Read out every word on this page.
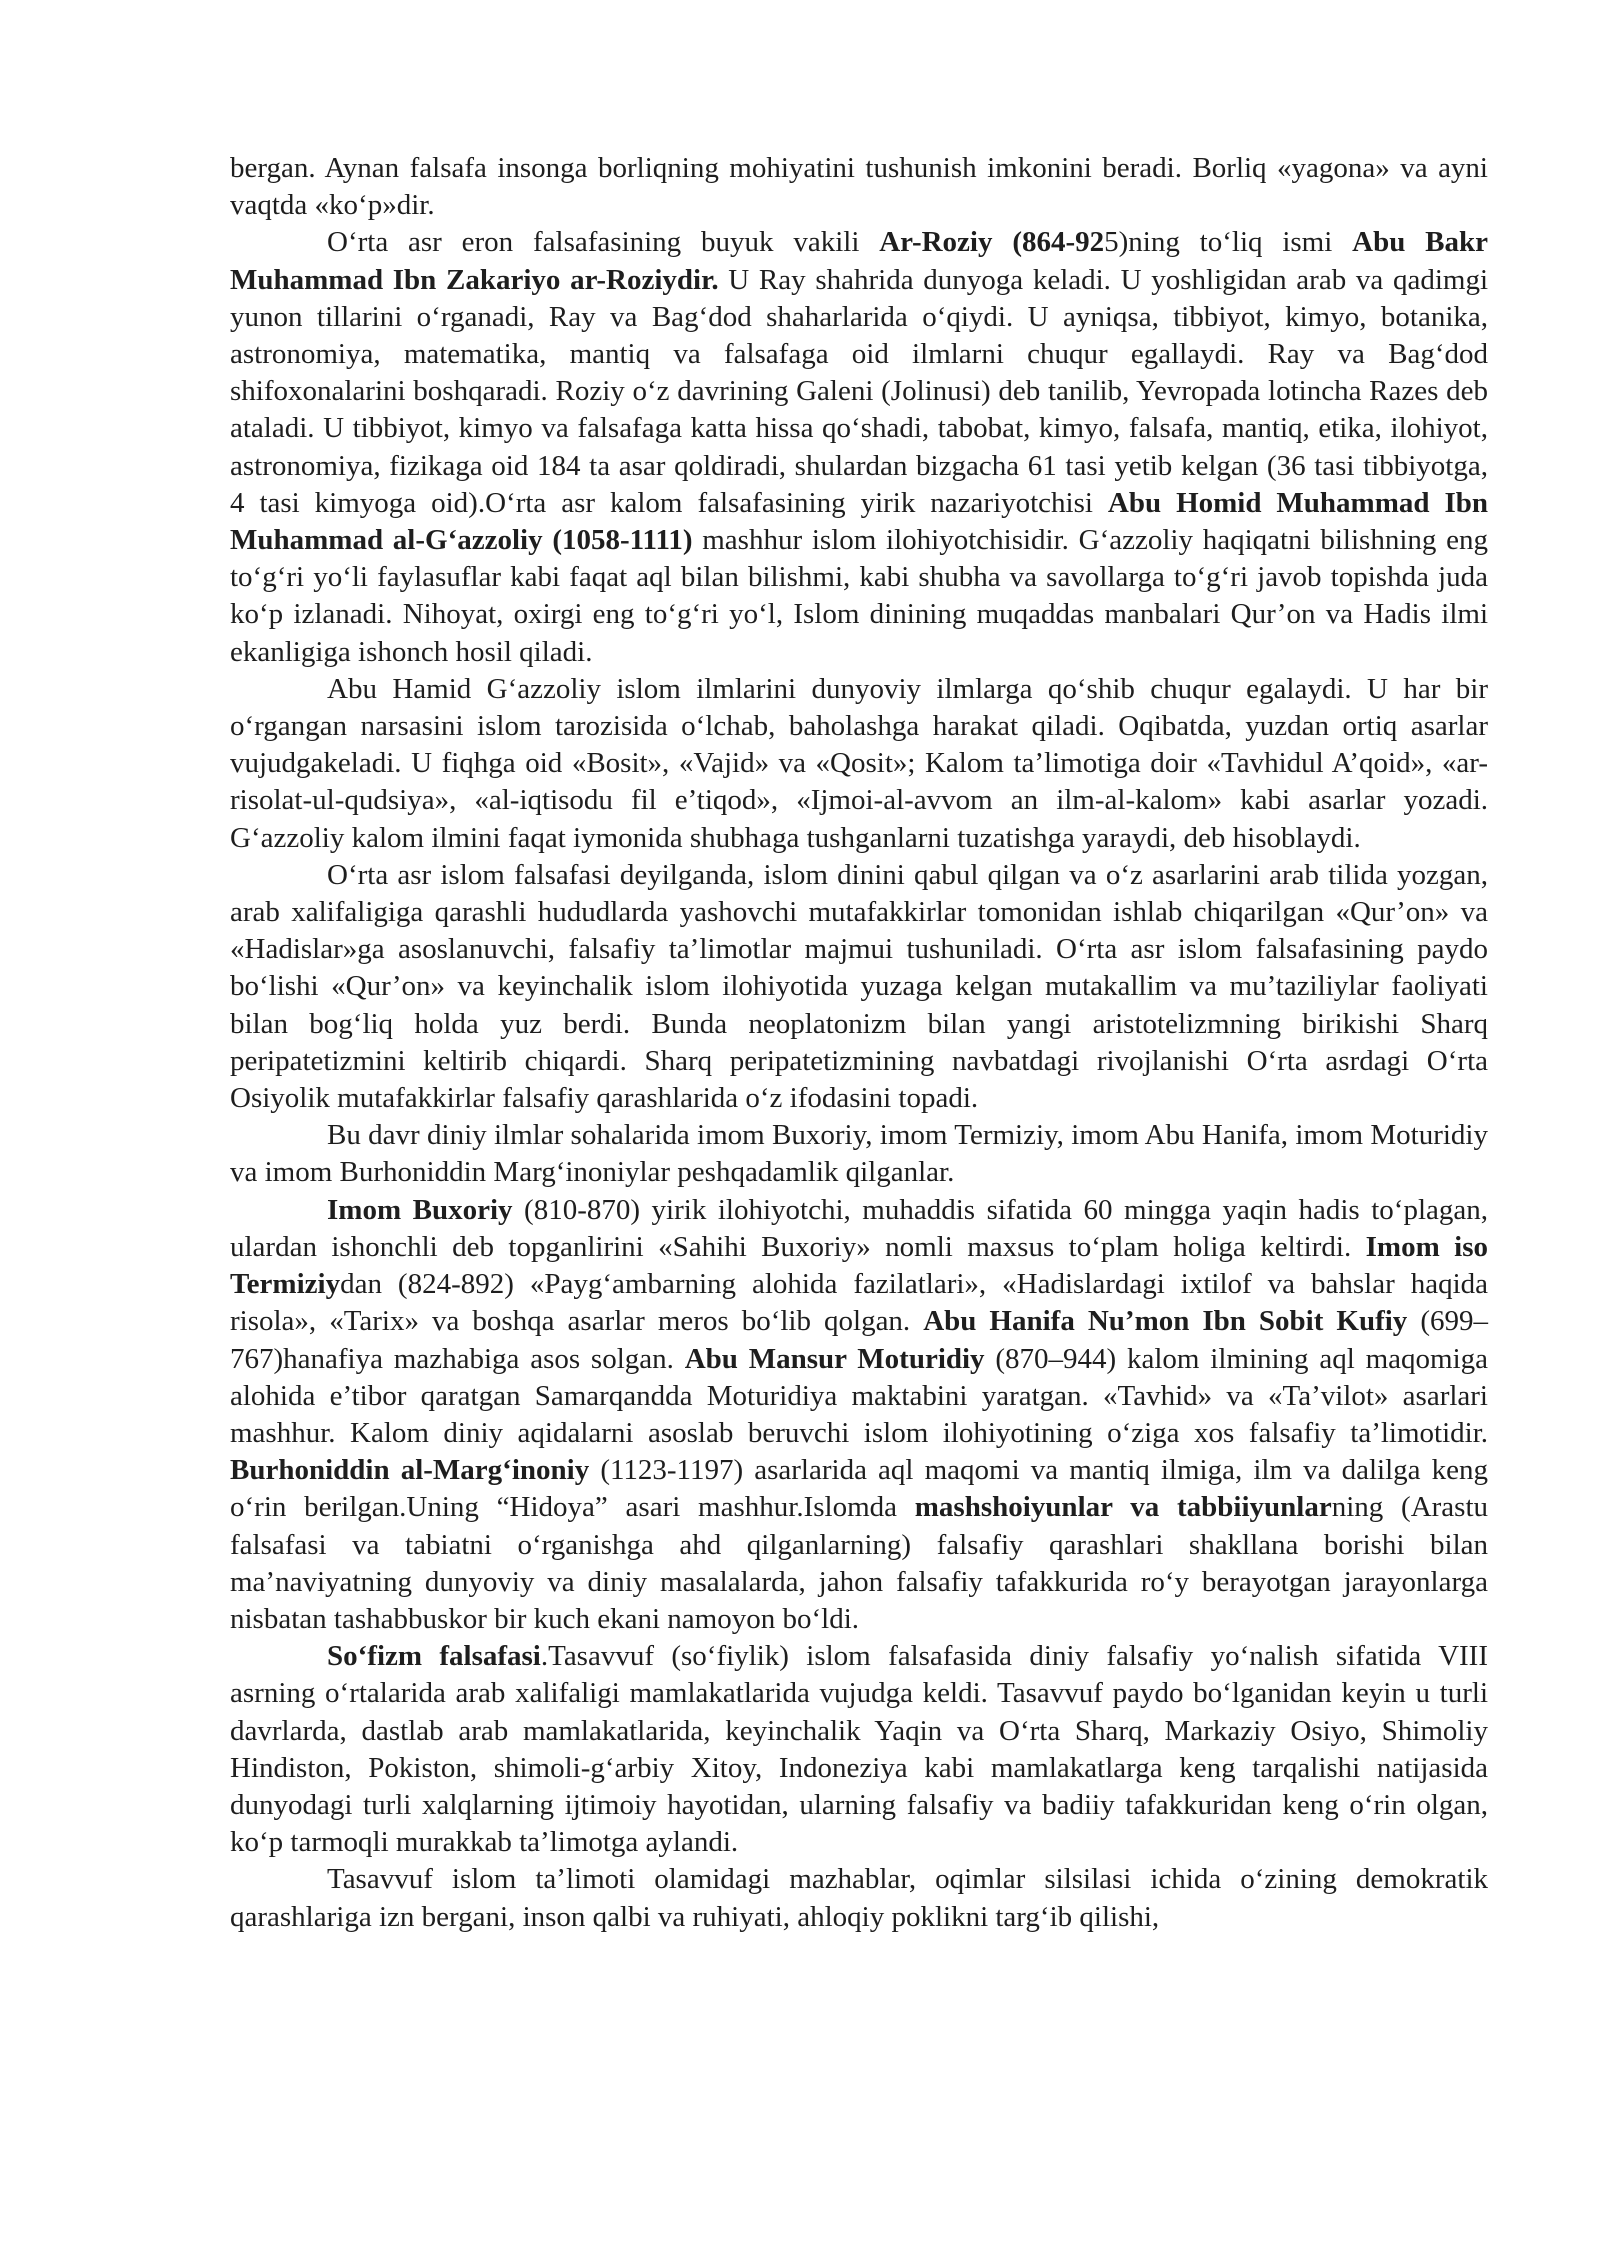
bergan. Aynan falsafa insonga borliqning mohiyatini tushunish imkonini beradi. Borliq «yagona» va ayni vaqtda «ko‘p»dir.

O‘rta asr eron falsafasining buyuk vakili Ar-Roziy (864-925)ning to‘liq ismi Abu Bakr Muhammad Ibn Zakariyo ar-Roziydir. U Ray shahrida dunyoga keladi. U yoshligidan arab va qadimgi yunon tillarini o‘rganadi, Ray va Bag‘dod shaharlarida o‘qiydi. U ayniqsa, tibbiyot, kimyo, botanika, astronomiya, matematika, mantiq va falsafaga oid ilmlarni chuqur egallaydi. Ray va Bag‘dod shifoxonalarini boshqaradi. Roziy o‘z davrining Galeni (Jolinusi) deb tanilib, Yevropada lotincha Razes deb ataladi. U tibbiyot, kimyo va falsafaga katta hissa qo‘shadi, tabobat, kimyo, falsafa, mantiq, etika, ilohiyot, astronomiya, fizikaga oid 184 ta asar qoldiradi, shulardan bizgacha 61 tasi yetib kelgan (36 tasi tibbiyotga, 4 tasi kimyoga oid).O‘rta asr kalom falsafasining yirik nazariyotchisi Abu Homid Muhammad Ibn Muhammad al-G‘azzoliy (1058-1111) mashhur islom ilohiyotchisidir. G‘azzoliy haqiqatni bilishning eng to‘g‘ri yo‘li faylasuflar kabi faqat aql bilan bilishmi, kabi shubha va savollarga to‘g‘ri javob topishda juda ko‘p izlanadi. Nihoyat, oxirgi eng to‘g‘ri yo‘l, Islom dinining muqaddas manbalari Qur’on va Hadis ilmi ekanligiga ishonch hosil qiladi.

Abu Hamid G‘azzoliy islom ilmlarini dunyoviy ilmlarga qo‘shib chuqur egalaydi. U har bir o‘rgangan narsasini islom tarozisida o‘lchab, baholashga harakat qiladi. Oqibatda, yuzdan ortiq asarlar vujudgakeladi. U fiqhga oid «Bosit», «Vajid» va «Qosit»; Kalom ta’limotiga doir «Tavhidul A’qoid», «ar-risolat-ul-qudsiya», «al-iqtisodu fil e’tiqod», «Ijmoi-al-avvom an ilm-al-kalom» kabi asarlar yozadi. G‘azzoliy kalom ilmini faqat iymonida shubhaga tushganlarni tuzatishga yaraydi, deb hisoblaydi.

O‘rta asr islom falsafasi deyilganda, islom dinini qabul qilgan va o‘z asarlarini arab tilida yozgan, arab xalifaligiga qarashli hududlarda yashovchi mutafakkirlar tomonidan ishlab chiqarilgan «Qur’on» va «Hadislar»ga asoslanuvchi, falsafiy ta’limotlar majmui tushuniladi. O‘rta asr islom falsafasining paydo bo‘lishi «Qur’on» va keyinchalik islom ilohiyotida yuzaga kelgan mutakallim va mu’taziliylar faoliyati bilan bog‘liq holda yuz berdi. Bunda neoplatonizm bilan yangi aristotelizmning birikishi Sharq peripatetizmini keltirib chiqardi. Sharq peripatetizmining navbatdagi rivojlanishi O‘rta asrdagi O‘rta Osiyolik mutafakkirlar falsafiy qarashlarida o‘z ifodasini topadi.

Bu davr diniy ilmlar sohalarida imom Buxoriy, imom Termiziy, imom Abu Hanifa, imom Moturidiy va imom Burhoniddin Marg‘inoniylar peshqadamlik qilganlar.

Imom Buxoriy (810-870) yirik ilohiyotchi, muhaddis sifatida 60 mingga yaqin hadis to‘plagan, ulardan ishonchli deb topganlirini «Sahihi Buxoriy» nomli maxsus to‘plam holiga keltirdi. Imom iso Termiziydan (824-892) «Payg‘ambarning alohida fazilatlari», «Hadislardagi ixtilof va bahslar haqida risola», «Tarix» va boshqa asarlar meros bo‘lib qolgan. Abu Hanifa Nu’mon Ibn Sobit Kufiy (699–767)hanafiya mazhabiga asos solgan. Abu Mansur Moturidiy (870–944) kalom ilmining aql maqomiga alohida e’tibor qaratgan Samarqandda Moturidiya maktabini yaratgan. «Tavhid» va «Ta’vilot» asarlari mashhur. Kalom diniy aqidalarni asoslab beruvchi islom ilohiyotining o‘ziga xos falsafiy ta’limotidir. Burhoniddin al-Marg‘inoniy (1123-1197) asarlarida aql maqomi va mantiq ilmiga, ilm va dalilga keng o‘rin berilgan.Uning “Hidoya” asari mashhur.Islomda mashshoiyunlar va tabbiiyunlarning (Arastu falsafasi va tabiatni o‘rganishga ahd qilganlarning) falsafiy qarashlari shakllana borishi bilan ma’naviyatning dunyoviy va diniy masalalarda, jahon falsafiy tafakkurida ro‘y berayotgan jarayonlarga nisbatan tashabbuskor bir kuch ekani namoyon bo‘ldi.

So‘fizm falsafasi.Tasavvuf (so‘fiylik) islom falsafasida diniy falsafiy yo‘nalish sifatida VIII asrning o‘rtalarida arab xalifaligi mamlakatlarida vujudga keldi. Tasavvuf paydo bo‘lganidan keyin u turli davrlarda, dastlab arab mamlakatlarida, keyinchalik Yaqin va O‘rta Sharq, Markaziy Osiyo, Shimoliy Hindiston, Pokiston, shimoli-g‘arbiy Xitoy, Indoneziya kabi mamlakatlarga keng tarqalishi natijasida dunyodagi turli xalqlarning ijtimoiy hayotidan, ularning falsafiy va badiiy tafakkuridan keng o‘rin olgan, ko‘p tarmoqli murakkab ta’limotga aylandi.

Tasavvuf islom ta’limoti olamidagi mazhablar, oqimlar silsilasi ichida o‘zining demokratik qarashlariga izn bergani, inson qalbi va ruhiyati, ahloqiy poklikni targ‘ib qilishi,
